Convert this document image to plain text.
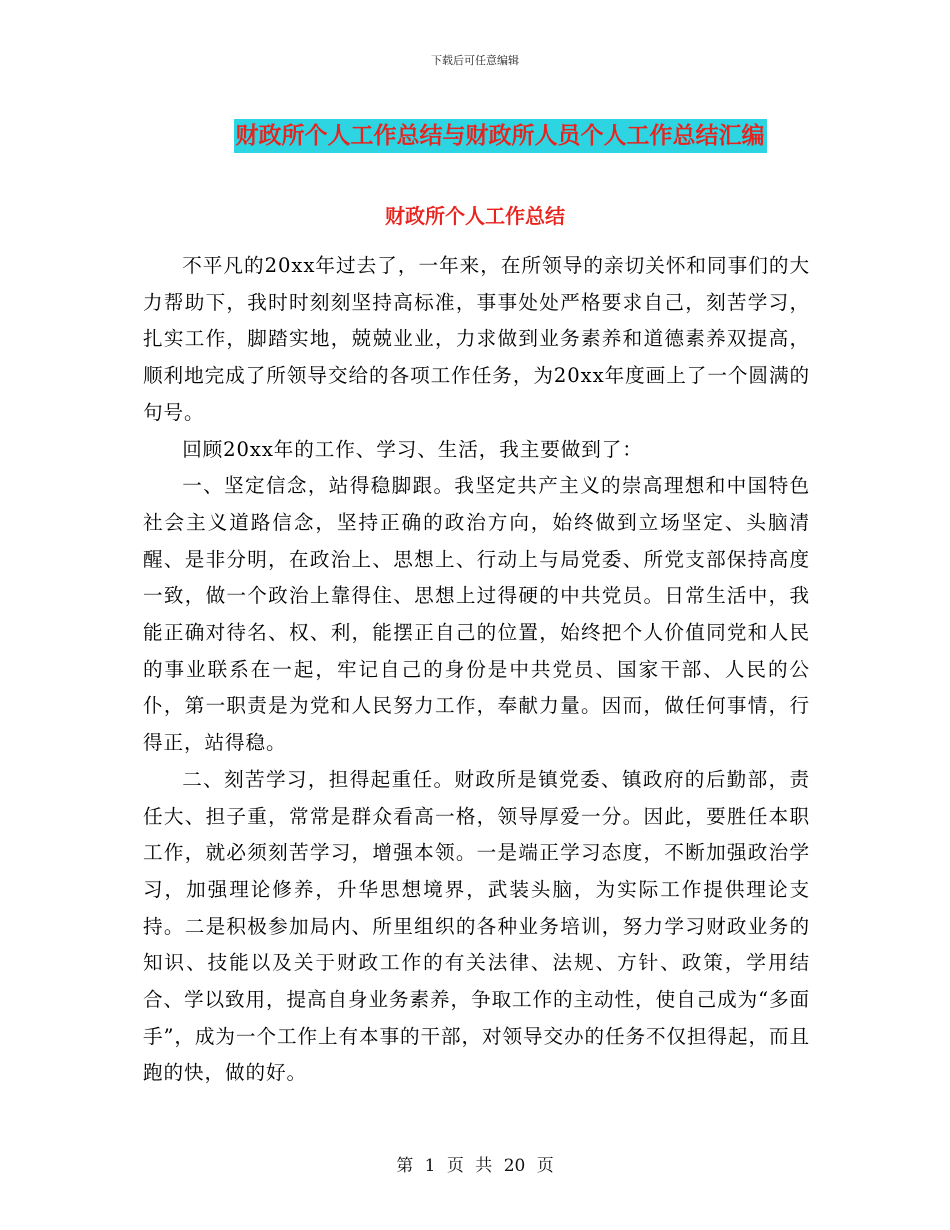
下载后可任意编辑
财政所个人工作总结与财政所人员个人工作总结汇编
财政所个人工作总结

不平凡的20xx年过去了，一年来，在所领导的亲切关怀和同事们的大力帮助下，我时时刻刻坚持高标准，事事处处严格要求自己，刻苦学习，扎实工作，脚踏实地，兢兢业业，力求做到业务素养和道德素养双提高，顺利地完成了所领导交给的各项工作任务，为20xx年度画上了一个圆满的句号。

回顾20xx年的工作、学习、生活，我主要做到了：

一、坚定信念，站得稳脚跟。我坚定共产主义的崇高理想和中国特色社会主义道路信念，坚持正确的政治方向，始终做到立场坚定、头脑清醒、是非分明，在政治上、思想上、行动上与局党委、所党支部保持高度一致，做一个政治上靠得住、思想上过得硬的中共党员。日常生活中，我能正确对待名、权、利，能摆正自己的位置，始终把个人价值同党和人民的事业联系在一起，牢记自己的身份是中共党员、国家干部、人民的公仆，第一职责是为党和人民努力工作，奉献力量。因而，做任何事情，行得正，站得稳。

二、刻苦学习，担得起重任。财政所是镇党委、镇政府的后勤部，责任大、担子重，常常是群众看高一格，领导厚爱一分。因此，要胜任本职工作，就必须刻苦学习，增强本领。一是端正学习态度，不断加强政治学习，加强理论修养，升华思想境界，武装头脑，为实际工作提供理论支持。二是积极参加局内、所里组织的各种业务培训，努力学习财政业务的知识、技能以及关于财政工作的有关法律、法规、方针、政策，学用结合、学以致用，提高自身业务素养，争取工作的主动性，使自己成为“多面手”，成为一个工作上有本事的干部，对领导交办的任务不仅担得起，而且跑的快，做的好。

第 1 页 共 20 页
